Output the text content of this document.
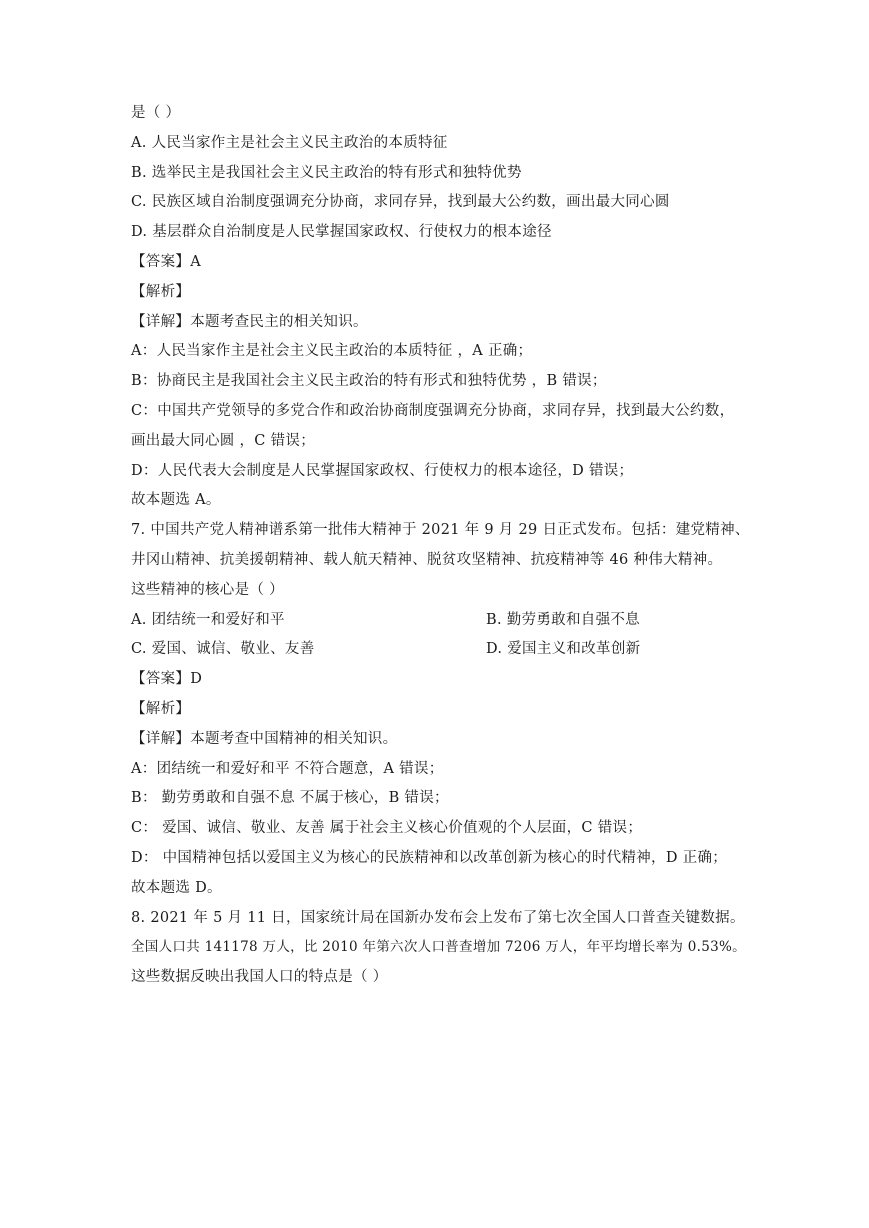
是（ ）
A. 人民当家作主是社会主义民主政治的本质特征
B. 选举民主是我国社会主义民主政治的特有形式和独特优势
C. 民族区域自治制度强调充分协商，求同存异，找到最大公约数，画出最大同心圆
D. 基层群众自治制度是人民掌握国家政权、行使权力的根本途径
【答案】A
【解析】
【详解】本题考查民主的相关知识。
A：人民当家作主是社会主义民主政治的本质特征 ，A 正确；
B：协商民主是我国社会主义民主政治的特有形式和独特优势 ，B 错误；
C：中国共产党领导的多党合作和政治协商制度强调充分协商，求同存异，找到最大公约数，
画出最大同心圆 ，C 错误；
D：人民代表大会制度是人民掌握国家政权、行使权力的根本途径，D 错误；
故本题选 A。
7. 中国共产党人精神谱系第一批伟大精神于 2021 年 9 月 29 日正式发布。包括：建党精神、
井冈山精神、抗美援朝精神、载人航天精神、脱贫攻坚精神、抗疫精神等 46 种伟大精神。
这些精神的核心是（ ）
A. 团结统一和爱好和平	B. 勤劳勇敢和自强不息
C. 爱国、诚信、敬业、友善	D. 爱国主义和改革创新
【答案】D
【解析】
【详解】本题考查中国精神的相关知识。
A：团结统一和爱好和平 不符合题意，A 错误；
B： 勤劳勇敢和自强不息 不属于核心，B 错误；
C： 爱国、诚信、敬业、友善 属于社会主义核心价值观的个人层面，C 错误；
D： 中国精神包括以爱国主义为核心的民族精神和以改革创新为核心的时代精神，D 正确；
故本题选 D。
8. 2021 年 5 月 11 日，国家统计局在国新办发布会上发布了第七次全国人口普查关键数据。
全国人口共 141178 万人，比 2010 年第六次人口普查增加 7206 万人，年平均增长率为 0.53%。
这些数据反映出我国人口的特点是（ ）
